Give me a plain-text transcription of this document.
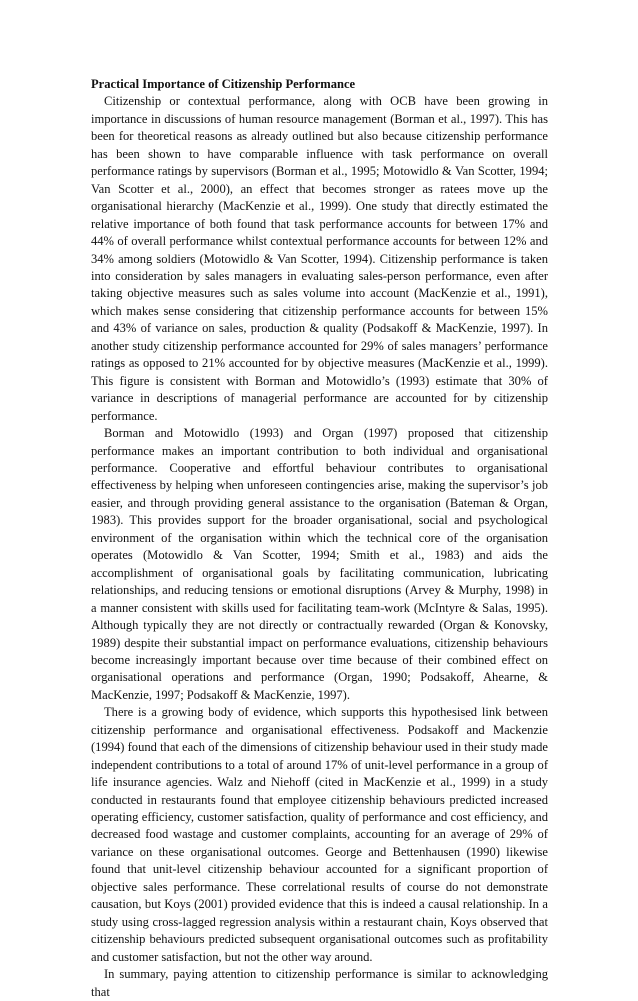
Practical Importance of Citizenship Performance

Citizenship or contextual performance, along with OCB have been growing in importance in discussions of human resource management (Borman et al., 1997). This has been for theoretical reasons as already outlined but also because citizenship performance has been shown to have comparable influence with task performance on overall performance ratings by supervisors (Borman et al., 1995; Motowidlo & Van Scotter, 1994; Van Scotter et al., 2000), an effect that becomes stronger as ratees move up the organisational hierarchy (MacKenzie et al., 1999). One study that directly estimated the relative importance of both found that task performance accounts for between 17% and 44% of overall performance whilst contextual performance accounts for between 12% and 34% among soldiers (Motowidlo & Van Scotter, 1994). Citizenship performance is taken into consideration by sales managers in evaluating sales-person performance, even after taking objective measures such as sales volume into account (MacKenzie et al., 1991), which makes sense considering that citizenship performance accounts for between 15% and 43% of variance on sales, production & quality (Podsakoff & MacKenzie, 1997). In another study citizenship performance accounted for 29% of sales managers’ performance ratings as opposed to 21% accounted for by objective measures (MacKenzie et al., 1999). This figure is consistent with Borman and Motowidlo’s (1993) estimate that 30% of variance in descriptions of managerial performance are accounted for by citizenship performance.

Borman and Motowidlo (1993) and Organ (1997) proposed that citizenship performance makes an important contribution to both individual and organisational performance. Cooperative and effortful behaviour contributes to organisational effectiveness by helping when unforeseen contingencies arise, making the supervisor’s job easier, and through providing general assistance to the organisation (Bateman & Organ, 1983). This provides support for the broader organisational, social and psychological environment of the organisation within which the technical core of the organisation operates (Motowidlo & Van Scotter, 1994; Smith et al., 1983) and aids the accomplishment of organisational goals by facilitating communication, lubricating relationships, and reducing tensions or emotional disruptions (Arvey & Murphy, 1998) in a manner consistent with skills used for facilitating team-work (McIntyre & Salas, 1995). Although typically they are not directly or contractually rewarded (Organ & Konovsky, 1989) despite their substantial impact on performance evaluations, citizenship behaviours become increasingly important because over time because of their combined effect on organisational operations and performance (Organ, 1990; Podsakoff, Ahearne, & MacKenzie, 1997; Podsakoff & MacKenzie, 1997).

There is a growing body of evidence, which supports this hypothesised link between citizenship performance and organisational effectiveness. Podsakoff and Mackenzie (1994) found that each of the dimensions of citizenship behaviour used in their study made independent contributions to a total of around 17% of unit-level performance in a group of life insurance agencies. Walz and Niehoff (cited in MacKenzie et al., 1999) in a study conducted in restaurants found that employee citizenship behaviours predicted increased operating efficiency, customer satisfaction, quality of performance and cost efficiency, and decreased food wastage and customer complaints, accounting for an average of 29% of variance on these organisational outcomes. George and Bettenhausen (1990) likewise found that unit-level citizenship behaviour accounted for a significant proportion of objective sales performance. These correlational results of course do not demonstrate causation, but Koys (2001) provided evidence that this is indeed a causal relationship. In a study using cross-lagged regression analysis within a restaurant chain, Koys observed that citizenship behaviours predicted subsequent organisational outcomes such as profitability and customer satisfaction, but not the other way around.

In summary, paying attention to citizenship performance is similar to acknowledging that
